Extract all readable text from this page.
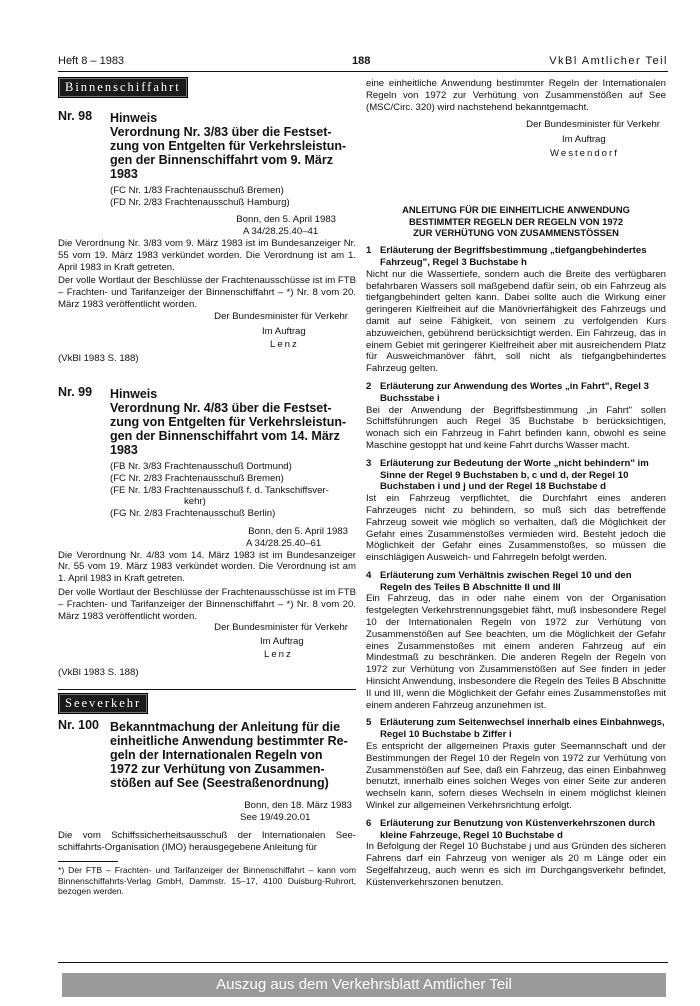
Heft 8 – 1983	188	VkBl Amtlicher Teil
Binnenschiffahrt
Nr. 98	Hinweis
Verordnung Nr. 3/83 über die Festset-
zung von Entgelten für Verkehrsleistun-
gen der Binnenschiffahrt vom 9. März
1983
(FC Nr. 1/83 Frachtenausschuß Bremen)
(FD Nr. 2/83 Frachtenausschuß Hamburg)
Bonn, den 5. April 1983
A 34/28.25.40–41

Die Verordnung Nr. 3/83 vom 9. März 1983 ist im Bundesanzeiger Nr. 55 vom 19. März 1983 verkündet worden. Die Verordnung ist am 1. April 1983 in Kraft getreten.

Der volle Wortlaut der Beschlüsse der Frachtenausschüsse ist im FTB – Frachten- und Tarifanzeiger der Binnenschiffahrt – *) Nr. 8 vom 20. März 1983 veröffentlicht worden.

Der Bundesminister für Verkehr
Im Auftrag
Lenz
(VkBl 1983 S. 188)
Nr. 99	Hinweis
Verordnung Nr. 4/83 über die Festset-
zung von Entgelten für Verkehrsleistun-
gen der Binnenschiffahrt vom 14. März
1983
(FB Nr. 3/83 Frachtenausschuß Dortmund)
(FC Nr. 2/83 Frachtenausschuß Bremen)
(FE Nr. 1/83 Frachtenausschuß f. d. Tankschiffsver-
kehr)
(FG Nr. 2/83 Frachtenausschuß Berlin)
Bonn, den 5. April 1983
A 34/28.25.40–61

Die Verordnung Nr. 4/83 vom 14. März 1983 ist im Bundesanzeiger Nr. 55 vom 19. März 1983 verkündet worden. Die Verordnung ist am 1. April 1983 in Kraft getreten.

Der volle Wortlaut der Beschlüsse der Frachtenausschüsse ist im FTB – Frachten- und Tarifanzeiger der Binnenschiffahrt – *) Nr. 8 vom 20. März 1983 veröffentlicht worden.

Der Bundesminister für Verkehr
Im Auftrag
Lenz
(VkBl 1983 S. 188)
Seeverkehr
Nr. 100 Bekanntmachung der Anleitung für die
einheitliche Anwendung bestimmter Re-
geln der Internationalen Regeln von
1972 zur Verhütung von Zusammen-
stößen auf See (Seestraßenordnung)
Bonn, den 18. März 1983
See 19/49.20.01

Die vom Schiffssicherheitsausschuß der Internationalen See-schiffahrts-Organisation (IMO) herausgegebene Anleitung für

*) Der FTB – Frachten- und Tarifanzeiger der Binnenschiffahrt – kann vom Binnenschiffahrts-Verlag GmbH, Dammstr. 15–17, 4100 Duisburg-Ruhrort, bezogen werden.

eine einheitliche Anwendung bestimmter Regeln der Internationalen Regeln von 1972 zur Verhütung von Zusammenstößen auf See (MSC/Circ. 320) wird nachstehend bekanntgemacht.

Der Bundesminister für Verkehr
Im Auftrag
Westendorf
ANLEITUNG FÜR DIE EINHEITLICHE ANWENDUNG
BESTIMMTER REGELN DER REGELN VON 1972
ZUR VERHÜTUNG VON ZUSAMMENSTÖSSEN
1 Erläuterung der Begriffsbestimmung „tiefgangbehindertes Fahrzeug", Regel 3 Buchstabe h

Nicht nur die Wassertiefe, sondern auch die Breite des verfügbaren befahrbaren Wassers soll maßgebend dafür sein, ob ein Fahrzeug als tiefgangbehindert gelten kann. Dabei sollte auch die Wirkung einer geringeren Kielfreiheit auf die Manövrierfähigkeit des Fahrzeugs und damit auf seine Fähigkeit, von seinem zu verfolgenden Kurs abzuweichen, gebührend berücksichtigt werden. Ein Fahrzeug, das in einem Gebiet mit geringerer Kielfreiheit aber mit ausreichendem Platz für Ausweichmanöver fährt, soll nicht als tiefgangbehindertes Fahrzeug gelten.

2 Erläuterung zur Anwendung des Wortes „in Fahrt", Regel 3 Buchsstabe i

Bei der Anwendung der Begriffsbestimmung „in Fahrt" sollen Schiffsführungen auch Regel 35 Buchstabe b berücksichtigen, wonach sich ein Fahrzeug in Fahrt befinden kann, obwohl es seine Maschine gestoppt hat und keine Fahrt durchs Wasser macht.

3 Erläuterung zur Bedeutung der Worte „nicht behindern" im Sinne der Regel 9 Buchstaben b, c und d, der Regel 10 Buchstaben i und j und der Regel 18 Buchstabe d

Ist ein Fahrzeug verpflichtet, die Durchfahrt eines anderen Fahrzeuges nicht zu behindern, so muß sich das betreffende Fahrzeug soweit wie möglich so verhalten, daß die Möglichkeit der Gefahr eines Zusammenstoßes vermieden wird. Besteht jedoch die Möglichkeit der Gefahr eines Zusammenstoßes, so müssen die einschlägigen Ausweich- und Fahrregeln befolgt werden.

4 Erläuterung zum Verhältnis zwischen Regel 10 und den Regeln des Teiles B Abschnitte II und III

Ein Fahrzeug, das in oder nahe einem von der Organisation festgelegten Verkehrstrennungsgebiet fährt, muß insbesondere Regel 10 der Internationalen Regeln von 1972 zur Verhütung von Zusammenstößen auf See beachten, um die Möglichkeit der Gefahr eines Zusammenstoßes mit einem anderen Fahrzeug auf ein Mindestmaß zu beschränken. Die anderen Regeln der Regeln von 1972 zur Verhütung von Zusammenstößen auf See finden in jeder Hinsicht Anwendung, insbesondere die Regeln des Teiles B Abschnitte II und III, wenn die Möglichkeit der Gefahr eines Zusammenstoßes mit einem anderen Fahrzeug anzunehmen ist.

5 Erläuterung zum Seitenwechsel innerhalb eines Einbahnwegs, Regel 10 Buchstabe b Ziffer i

Es entspricht der allgemeinen Praxis guter Seemannschaft und der Bestimmungen der Regel 10 der Regeln von 1972 zur Verhütung von Zusammenstößen auf See, daß ein Fahrzeug, das einen Einbahnweg benutzt, innerhalb eines solchen Weges von einer Seite zur anderen wechseln kann, sofern dieses Wechseln in einem möglichst kleinen Winkel zur allgemeinen Verkehrsrichtung erfolgt.

6 Erläuterung zur Benutzung von Küstenverkehrszonen durch kleine Fahrzeuge, Regel 10 Buchstabe d

In Befolgung der Regel 10 Buchstabe j und aus Gründen des sicheren Fahrens darf ein Fahrzeug von weniger als 20 m Länge oder ein Segelfahrzeug, auch wenn es sich im Durchgangsverkehr befindet, Küstenverkehrszonen benutzen.

Auszug aus dem Verkehrsblatt Amtlicher Teil
